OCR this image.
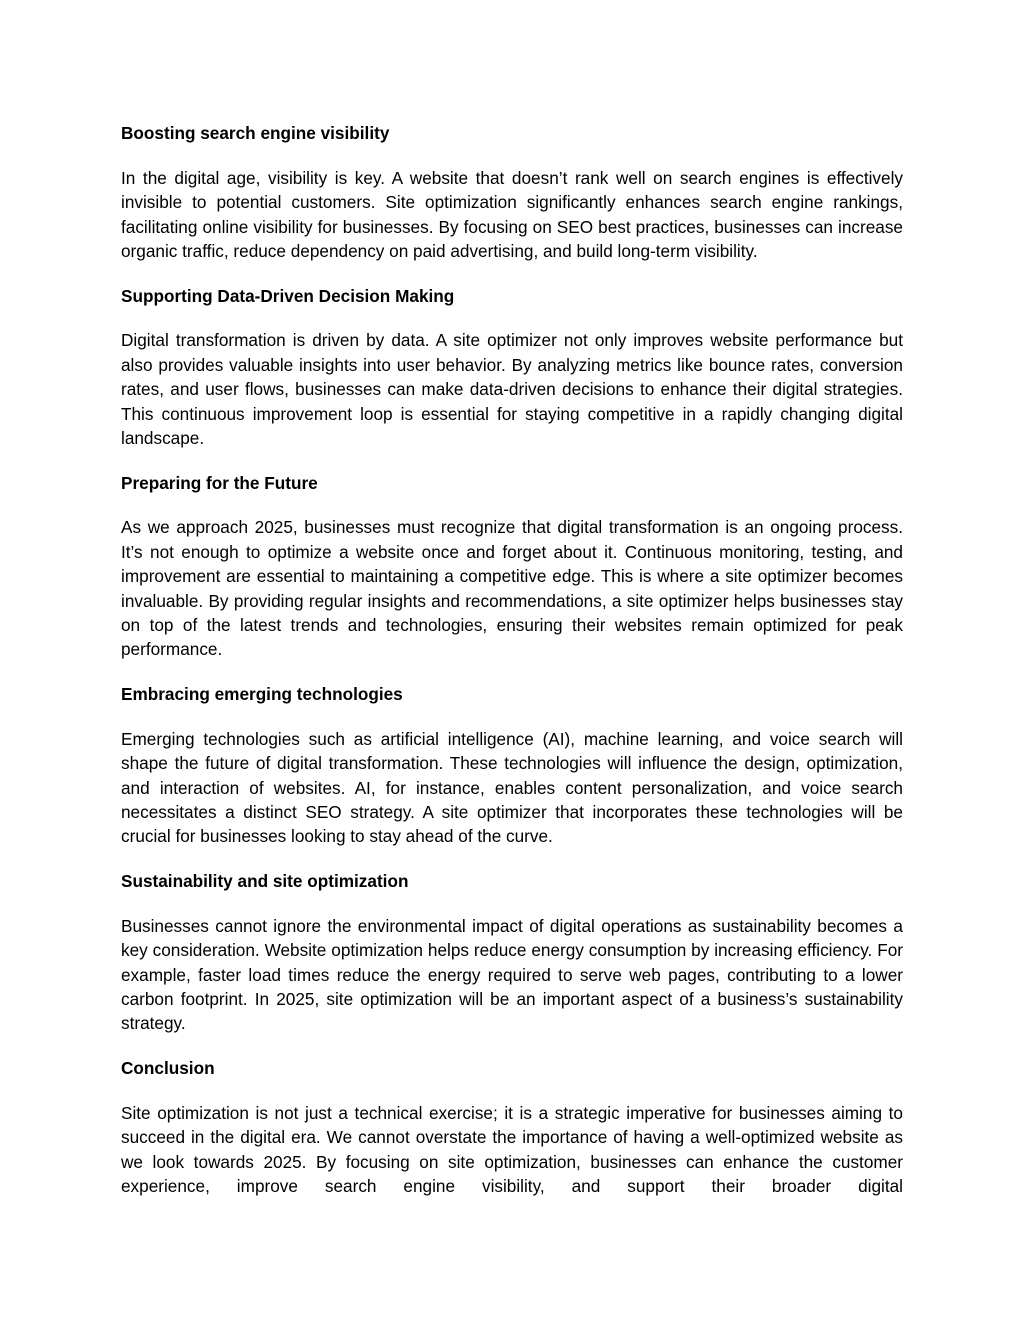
Boosting search engine visibility

In the digital age, visibility is key. A website that doesn’t rank well on search engines is effectively invisible to potential customers. Site optimization significantly enhances search engine rankings, facilitating online visibility for businesses. By focusing on SEO best practices, businesses can increase organic traffic, reduce dependency on paid advertising, and build long-term visibility.

Supporting Data-Driven Decision Making

Digital transformation is driven by data. A site optimizer not only improves website performance but also provides valuable insights into user behavior. By analyzing metrics like bounce rates, conversion rates, and user flows, businesses can make data-driven decisions to enhance their digital strategies. This continuous improvement loop is essential for staying competitive in a rapidly changing digital landscape.

Preparing for the Future

As we approach 2025, businesses must recognize that digital transformation is an ongoing process. It’s not enough to optimize a website once and forget about it. Continuous monitoring, testing, and improvement are essential to maintaining a competitive edge. This is where a site optimizer becomes invaluable. By providing regular insights and recommendations, a site optimizer helps businesses stay on top of the latest trends and technologies, ensuring their websites remain optimized for peak performance.

Embracing emerging technologies

Emerging technologies such as artificial intelligence (AI), machine learning, and voice search will shape the future of digital transformation. These technologies will influence the design, optimization, and interaction of websites. AI, for instance, enables content personalization, and voice search necessitates a distinct SEO strategy. A site optimizer that incorporates these technologies will be crucial for businesses looking to stay ahead of the curve.

Sustainability and site optimization

Businesses cannot ignore the environmental impact of digital operations as sustainability becomes a key consideration. Website optimization helps reduce energy consumption by increasing efficiency. For example, faster load times reduce the energy required to serve web pages, contributing to a lower carbon footprint. In 2025, site optimization will be an important aspect of a business’s sustainability strategy.

Conclusion

Site optimization is not just a technical exercise; it is a strategic imperative for businesses aiming to succeed in the digital era. We cannot overstate the importance of having a well-optimized website as we look towards 2025. By focusing on site optimization, businesses can enhance the customer experience, improve search engine visibility, and support their broader digital
